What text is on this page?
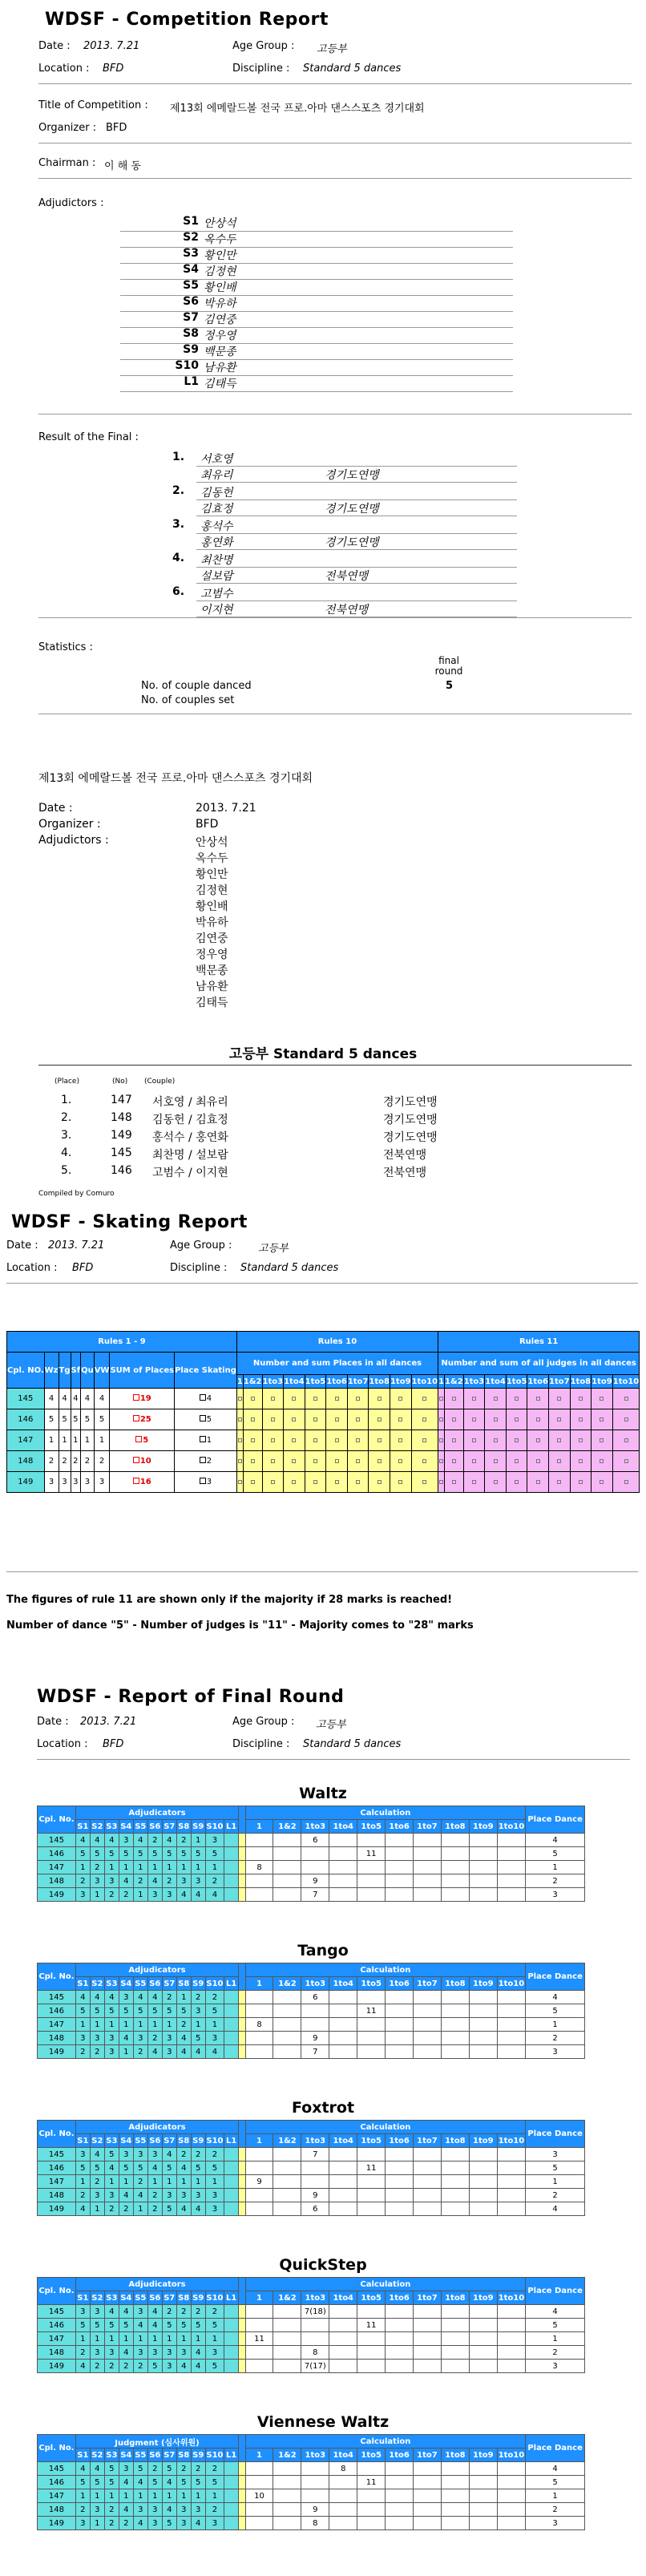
WDSF - Competition Report
Date : 2013. 7.21	Age Group : 고등부
Location : BFD	Discipline : Standard 5 dances
Title of Competition : 제13회 에메랄드볼 전국 프로.아마 댄스스포츠 경기대회
Organizer : BFD
Chairman : 이 해 동
Adjudictors :
S1 안상석
S2 옥수두
S3 황인만
S4 김정현
S5 황인배
S6 박유하
S7 김연중
S8 정우영
S9 백문종
S10 남유환
L1 김태득
Result of the Final :
1. 서호영
최유리	경기도연맹
2. 김동헌
김효정	경기도연맹
3. 홍석수
홍연화	경기도연맹
4. 최찬명
설보람	전북연맹
6. 고범수
이지현	전북연맹
Statistics :
final round
No. of couple danced	5
No. of couples set
제13회 에메랄드볼 전국 프로.아마 댄스스포츠 경기대회
Date :	2013. 7.21
Organizer :	BFD
Adjudictors :	안상석
옥수두
황인만
김정현
황인배
박유하
김연중
정우영
백문종
남유환
김태득
고등부 Standard 5 dances
(Place)	(No) (Couple)
1.	147 서호영 / 최유리	경기도연맹
2.	148 김동헌 / 김효정	경기도연맹
3.	149 홍석수 / 홍연화	경기도연맹
4.	145 최찬명 / 설보람	전북연맹
5.	146 고범수 / 이지현	전북연맹
Compiled by Comuro
WDSF - Skating Report
Date : 2013. 7.21	Age Group :	고등부
Location : BFD	Discipline : Standard 5 dances
Rules 1 - 9								Rules 10										Rules 11									
Cpl. NO.	Wz	Tg	Sf	Qu	VW	SUM of Places	Place Skating	Number and sum Places in all dances										Number and sum of all judges in all dances									
								1	1&2	1to3	1to4	1to5	1to6	1to7	1to8	1to9	1to10	1	1&2	1to3	1to4	1to5	1to6	1to7	1to8	1to9	1to10
145	4	4	4	4	4	19	4																				
146	5	5	5	5	5	25	5																				
147	1	1	1	1	1	5	1																				
148	2	2	2	2	2	10	2																				
149	3	3	3	3	3	16	3																				
The figures of rule 11 are shown only if the majority if 28 marks is reached!
Number of dance "5" - Number of judges is "11" - Majority comes to "28" marks
WDSF - Report of Final Round
Date : 2013. 7.21	Age Group : 고등부
Location : BFD	Discipline : Standard 5 dances
Waltz
Cpl. No.	Adjudicators												Calculation										Place Dance
	S1	S2	S3	S4	S5	S6	S7	S8	S9	S10	L1		1	1&2	1to3	1to4	1to5	1to6	1to7	1to8	1to9	1to10	
145	4	4	4	3	4	2	4	2	1	3					6								4
146	5	5	5	5	5	5	5	5	5	5							11						5
147	1	2	1	1	1	1	1	1	1	1			8										1
148	2	3	3	4	2	4	2	3	3	2					9								2
149	3	1	2	2	1	3	3	4	4	4					7								3
Tango
Cpl. No.	Adjudicators												Calculation										Place Dance
	S1	S2	S3	S4	S5	S6	S7	S8	S9	S10	L1		1	1&2	1to3	1to4	1to5	1to6	1to7	1to8	1to9	1to10	
145	4	4	4	3	4	4	2	1	2	2					6								4
146	5	5	5	5	5	5	5	5	3	5							11						5
147	1	1	1	1	1	1	1	2	1	1			8										1
148	3	3	3	4	3	2	3	4	5	3					9								2
149	2	2	3	1	2	4	3	4	4	4					7								3
Foxtrot
Cpl. No.	Adjudicators												Calculation										Place Dance
	S1	S2	S3	S4	S5	S6	S7	S8	S9	S10	L1		1	1&2	1to3	1to4	1to5	1to6	1to7	1to8	1to9	1to10	
145	3	4	5	3	3	3	4	2	2	2					7								3
146	5	5	4	5	5	4	5	4	5	5							11						5
147	1	2	1	1	2	1	1	1	1	1			9										1
148	2	3	3	4	4	2	3	3	3	3					9								2
149	4	1	2	2	1	2	5	4	4	3					6								4
QuickStep
Cpl. No.	Adjudicators												Calculation										Place Dance
	S1	S2	S3	S4	S5	S6	S7	S8	S9	S10	L1		1	1&2	1to3	1to4	1to5	1to6	1to7	1to8	1to9	1to10	
145	3	3	4	4	3	4	2	2	2	2					7(18)								4
146	5	5	5	5	4	4	5	5	5	5							11						5
147	1	1	1	1	1	1	1	1	1	1			11										1
148	2	3	3	4	3	3	3	3	4	3					8								2
149	4	2	2	2	2	5	3	4	4	5					7(17)								3
Viennese Waltz
Cpl. No.	Judgment (심사위원)												Calculation										Place Dance
	S1	S2	S3	S4	S5	S6	S7	S8	S9	S10	L1		1	1&2	1to3	1to4	1to5	1to6	1to7	1to8	1to9	1to10	
145	4	4	5	3	5	2	5	2	2	2						8							4
146	5	5	5	4	4	5	4	5	5	5							11						5
147	1	1	1	1	1	1	1	1	1	1			10										1
148	2	3	2	4	3	3	4	3	3	2					9								2
149	3	1	2	2	4	3	5	3	4	3					8								3
